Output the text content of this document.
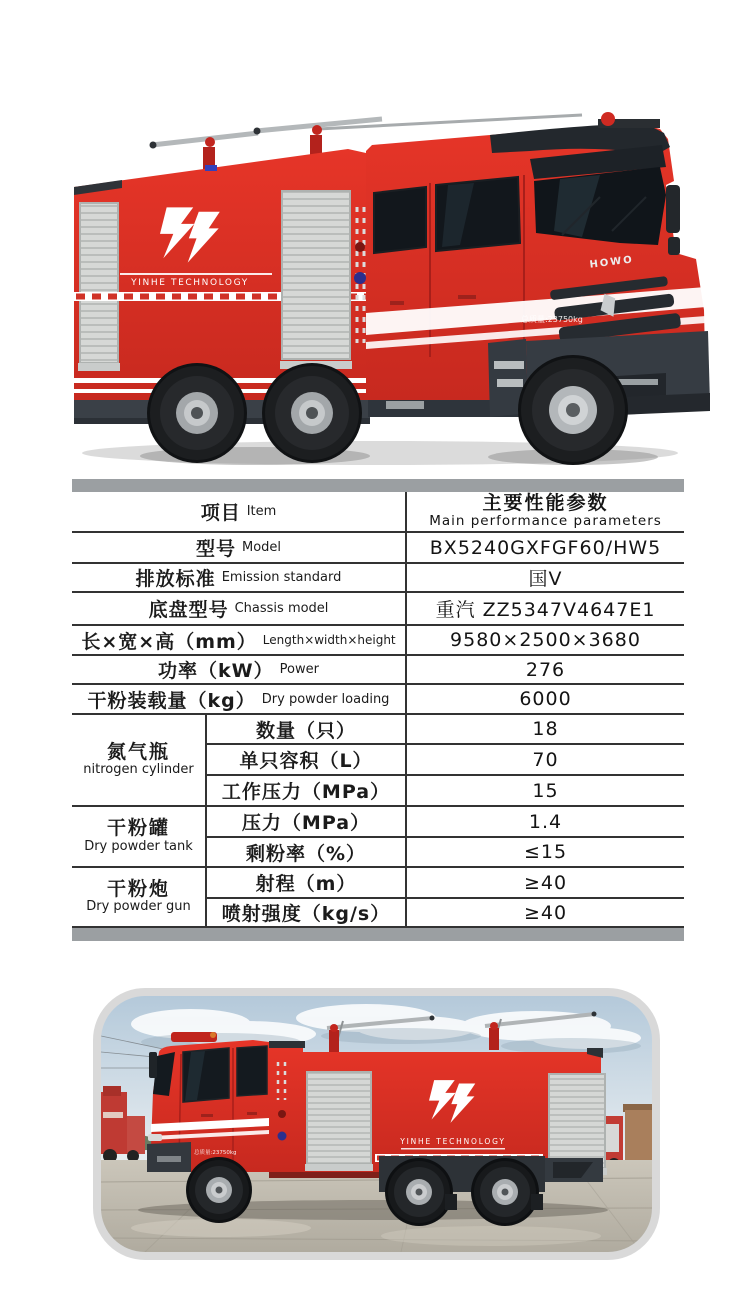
YINHE TECHNOLOGY
HOWO
总质量:23750kg
项目 Item	主要性能参数
Main performance parameters
型号 Model	BX5240GXFGF60/HW5
排放标准 Emission standard	国V
底盘型号 Chassis model	重汽 ZZ5347V4647E1
长×宽×高（mm） Length×width×height	9580×2500×3680
功率（kW） Power	276
干粉装载量（kg） Dry powder loading	6000
氮气瓶
nitrogen cylinder
数量（只）	18
单只容积（L）	70
工作压力（MPa）	15
干粉罐
Dry powder tank
压力（MPa）	1.4
剩粉率（%）	≤15
干粉炮
Dry powder gun
射程（m）	≥40
喷射强度（kg/s）	≥40
YINHE TECHNOLOGY
总质量:23750kg
